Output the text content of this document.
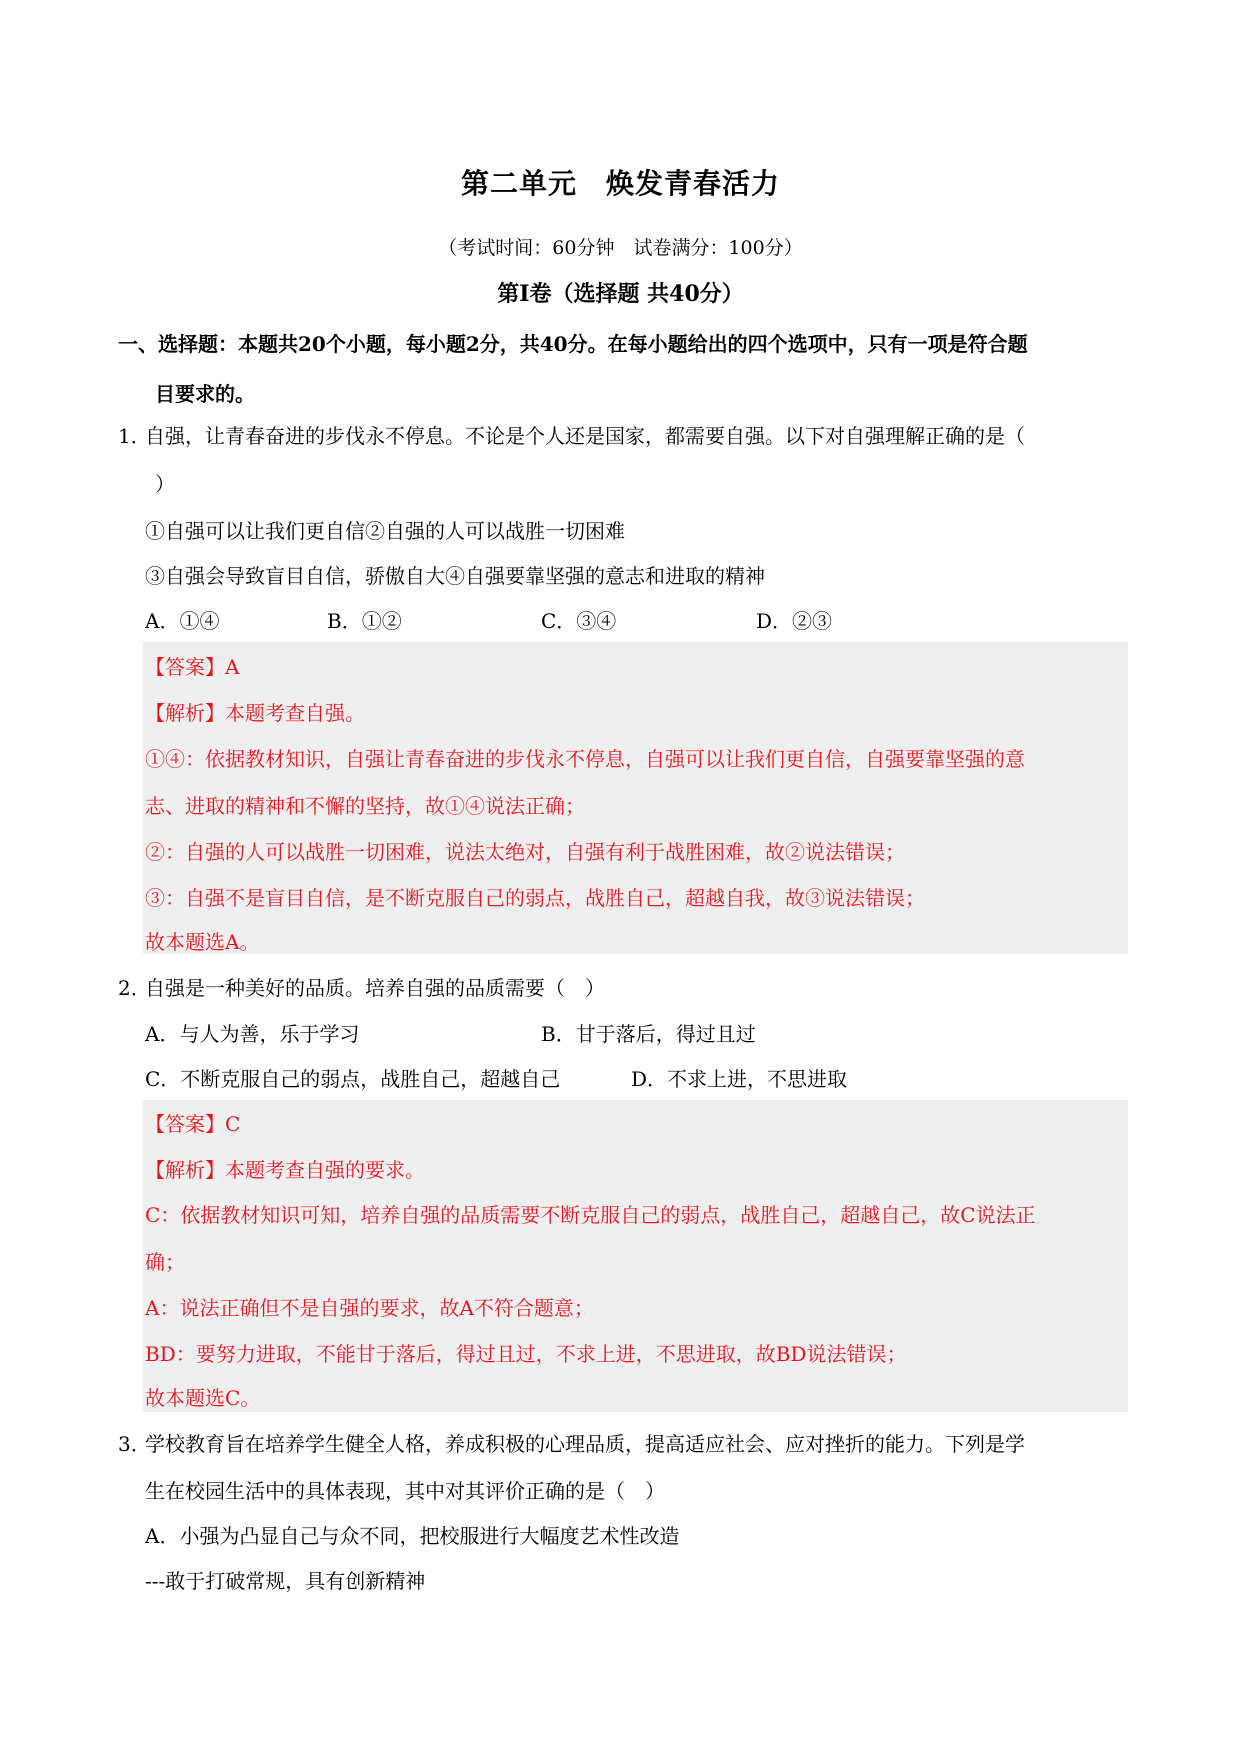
第二单元　焕发青春活力
（考试时间：60分钟　试卷满分：100分）
第Ⅰ卷（选择题 共40分）
一、选择题：本题共20个小题，每小题2分，共40分。在每小题给出的四个选项中，只有一项是符合题
目要求的。
1．
自强，让青春奋进的步伐永不停息。不论是个人还是国家，都需要自强。以下对自强理解正确的是（
）
①自强可以让我们更自信②自强的人可以战胜一切困难
③自强会导致盲目自信，骄傲自大④自强要靠坚强的意志和进取的精神
A．①④	B．①②	C．③④	D．②③
【答案】A
【解析】本题考查自强。
①④：依据教材知识，自强让青春奋进的步伐永不停息，自强可以让我们更自信，自强要靠坚强的意
志、进取的精神和不懈的坚持，故①④说法正确；
②：自强的人可以战胜一切困难，说法太绝对，自强有利于战胜困难，故②说法错误；
③：自强不是盲目自信，是不断克服自己的弱点，战胜自己，超越自我，故③说法错误；
故本题选A。
2．
自强是一种美好的品质。培养自强的品质需要（　）
A．与人为善，乐于学习	B．甘于落后，得过且过
C．不断克服自己的弱点，战胜自己，超越自己	D．不求上进，不思进取
【答案】C
【解析】本题考查自强的要求。
C：依据教材知识可知，培养自强的品质需要不断克服自己的弱点，战胜自己，超越自己，故C说法正
确；
A：说法正确但不是自强的要求，故A不符合题意；
BD：要努力进取，不能甘于落后，得过且过，不求上进，不思进取，故BD说法错误；
故本题选C。
3．
学校教育旨在培养学生健全人格，养成积极的心理品质，提高适应社会、应对挫折的能力。下列是学
生在校园生活中的具体表现，其中对其评价正确的是（　）
A．小强为凸显自己与众不同，把校服进行大幅度艺术性改造
---敢于打破常规，具有创新精神
